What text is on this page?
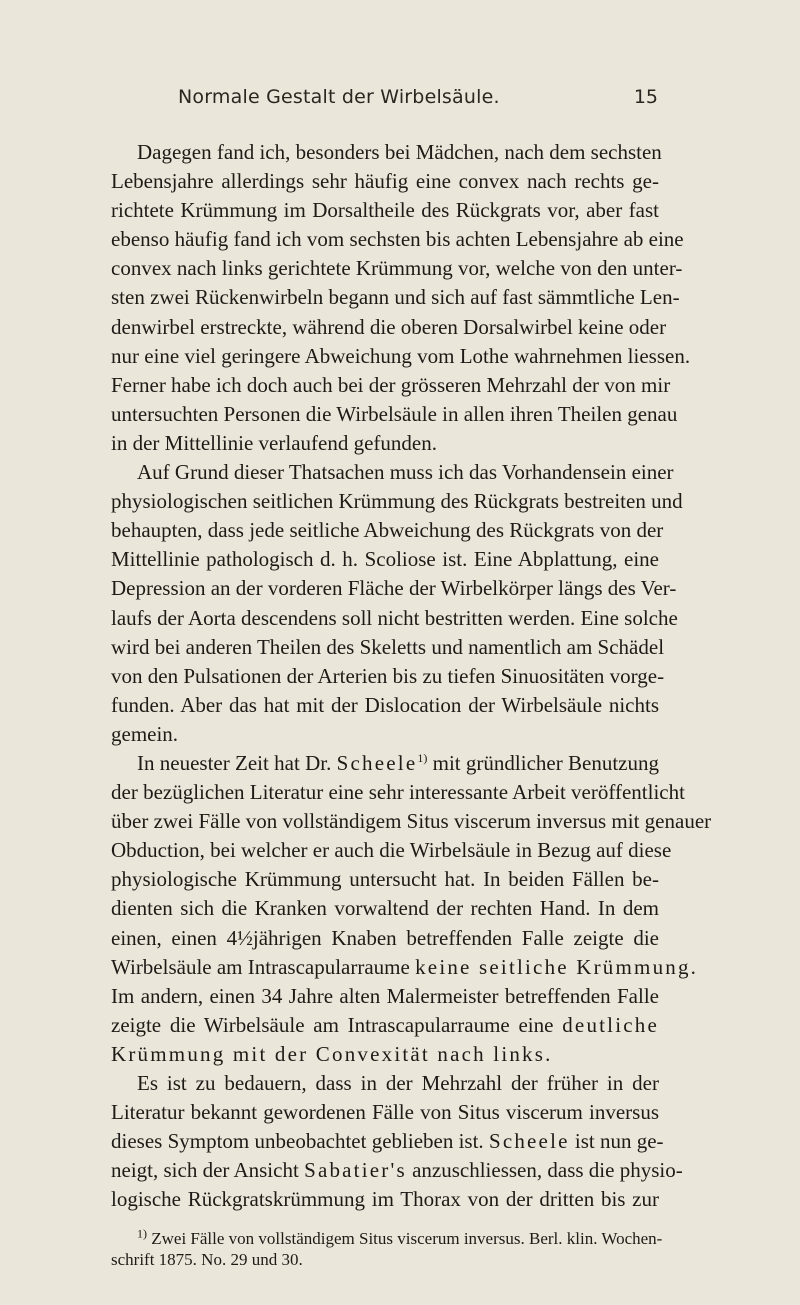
Normale Gestalt der Wirbelsäule.	15
Dagegen fand ich, besonders bei Mädchen, nach dem sechsten
Lebensjahre allerdings sehr häufig eine convex nach rechts ge-
richtete Krümmung im Dorsaltheile des Rückgrats vor, aber fast
ebenso häufig fand ich vom sechsten bis achten Lebensjahre ab eine
convex nach links gerichtete Krümmung vor, welche von den unter-
sten zwei Rückenwirbeln begann und sich auf fast sämmtliche Len-
denwirbel erstreckte, während die oberen Dorsalwirbel keine oder
nur eine viel geringere Abweichung vom Lothe wahrnehmen liessen.
Ferner habe ich doch auch bei der grösseren Mehrzahl der von mir
untersuchten Personen die Wirbelsäule in allen ihren Theilen genau
in der Mittellinie verlaufend gefunden.
Auf Grund dieser Thatsachen muss ich das Vorhandensein einer
physiologischen seitlichen Krümmung des Rückgrats bestreiten und
behaupten, dass jede seitliche Abweichung des Rückgrats von der
Mittellinie pathologisch d. h. Scoliose ist. Eine Abplattung, eine
Depression an der vorderen Fläche der Wirbelkörper längs des Ver-
laufs der Aorta descendens soll nicht bestritten werden. Eine solche
wird bei anderen Theilen des Skeletts und namentlich am Schädel
von den Pulsationen der Arterien bis zu tiefen Sinuositäten vorge-
funden. Aber das hat mit der Dislocation der Wirbelsäule nichts
gemein.
In neuester Zeit hat Dr. Scheele$^{1)}$ mit gründlicher Benutzung
der bezüglichen Literatur eine sehr interessante Arbeit veröffentlicht
über zwei Fälle von vollständigem Situs viscerum inversus mit genauer
Obduction, bei welcher er auch die Wirbelsäule in Bezug auf diese
physiologische Krümmung untersucht hat. In beiden Fällen be-
dienten sich die Kranken vorwaltend der rechten Hand. In dem
einen, einen 4½jährigen Knaben betreffenden Falle zeigte die
Wirbelsäule am Intrascapularraume keine seitliche Krümmung.
Im andern, einen 34 Jahre alten Malermeister betreffenden Falle
zeigte die Wirbelsäule am Intrascapularraume eine deutliche
Krümmung mit der Convexität nach links.
Es ist zu bedauern, dass in der Mehrzahl der früher in der
Literatur bekannt gewordenen Fälle von Situs viscerum inversus
dieses Symptom unbeobachtet geblieben ist. Scheele ist nun ge-
neigt, sich der Ansicht Sabatier's anzuschliessen, dass die physio-
logische Rückgratskrümmung im Thorax von der dritten bis zur
$^{1)}$ Zwei Fälle von vollständigem Situs viscerum inversus. Berl. klin. Wochen-
schrift 1875. No. 29 und 30.
